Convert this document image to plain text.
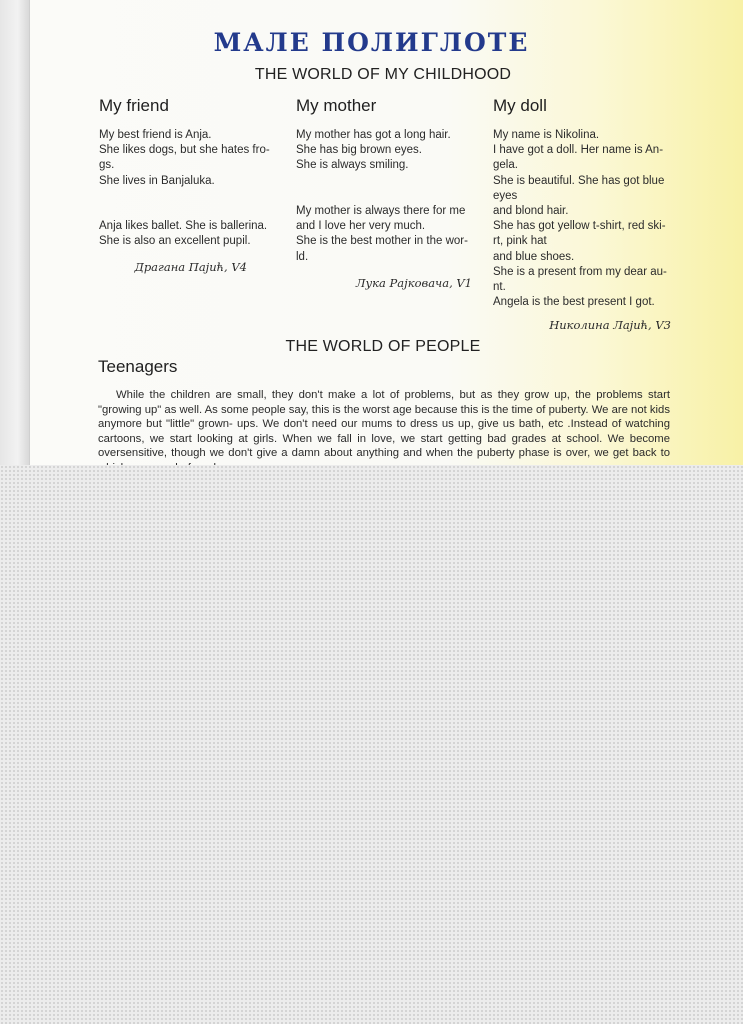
МАЛЕ ПОЛИГЛОТЕ
THE WORLD OF MY CHILDHOOD
My friend

My best friend is Anja.
She likes dogs, but she hates fro-
gs.
She lives in Banjaluka.

Anja likes ballet. She is ballerina.
She is also an excellent pupil.

Драгана Пајић, V4
My mother

My mother has got a long hair.
She has big brown eyes.
She is always smiling.

My mother is always there for me
and I love her very much.
She is the best mother in the wor-
ld.

Лука Рајковача, V1
My doll

My name is Nikolina.
I have got a doll. Her name is An-
gela.
She is beautiful. She has got blue
eyes
and blond hair.
She has got yellow t-shirt, red ski-
rt, pink hat
and blue shoes.
She is a present from my dear au-
nt.
Angela is the best present I got.

Николина Лајић, V3
THE WORLD OF PEOPLE
Teenagers
While the children are small, they don't make a lot of problems, but as they grow up, the problems start "growing up" as well. As some people say, this is the worst age because this is the time of puberty. We are not kids anymore but "little" grown- ups. We don't need our mums to dress us up, give us bath, etc .Instead of watching cartoons, we start looking at girls. When we fall in love, we start getting bad grades at school. We become oversensitive, though we don't give a damn about anything and when the puberty phase is over, we get back to
